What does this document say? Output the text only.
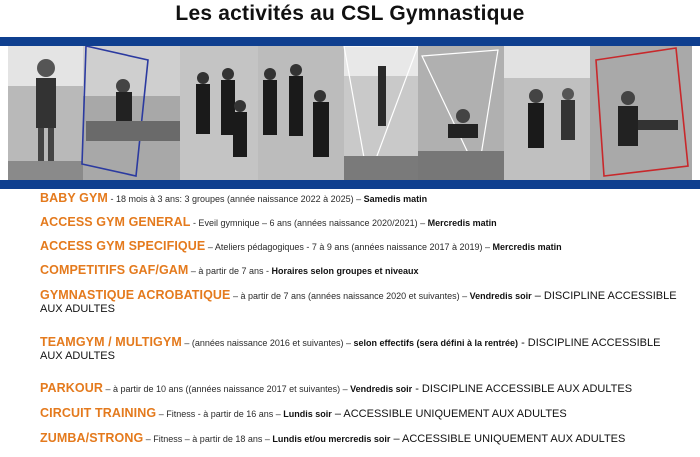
Les activités au CSL Gymnastique
BABY GYM - 18 mois à 3 ans: 3 groupes (année naissance 2022 à 2025) – Samedis matin
ACCESS GYM GENERAL - Eveil gymnique – 6 ans (années naissance 2020/2021) – Mercredis matin
ACCESS GYM SPECIFIQUE – Ateliers pédagogiques - 7 à 9 ans (années naissance 2017 à 2019) – Mercredis matin
COMPETITIFS GAF/GAM – à partir de 7 ans - Horaires selon groupes et niveaux
GYMNASTIQUE ACROBATIQUE – à partir de 7 ans (années naissance 2020 et suivantes) – Vendredis soir – DISCIPLINE ACCESSIBLE AUX ADULTES
TEAMGYM / MULTIGYM – (années naissance 2016 et suivantes) – selon effectifs (sera défini à la rentrée) - DISCIPLINE ACCESSIBLE AUX ADULTES
PARKOUR – à partir de 10 ans ((années naissance 2017 et suivantes) – Vendredis soir - DISCIPLINE ACCESSIBLE AUX ADULTES
CIRCUIT TRAINING – Fitness - à partir de 16 ans – Lundis soir – ACCESSIBLE UNIQUEMENT AUX ADULTES
ZUMBA/STRONG – Fitness – à partir de 18 ans – Lundis et/ou mercredis soir – ACCESSIBLE UNIQUEMENT AUX ADULTES
